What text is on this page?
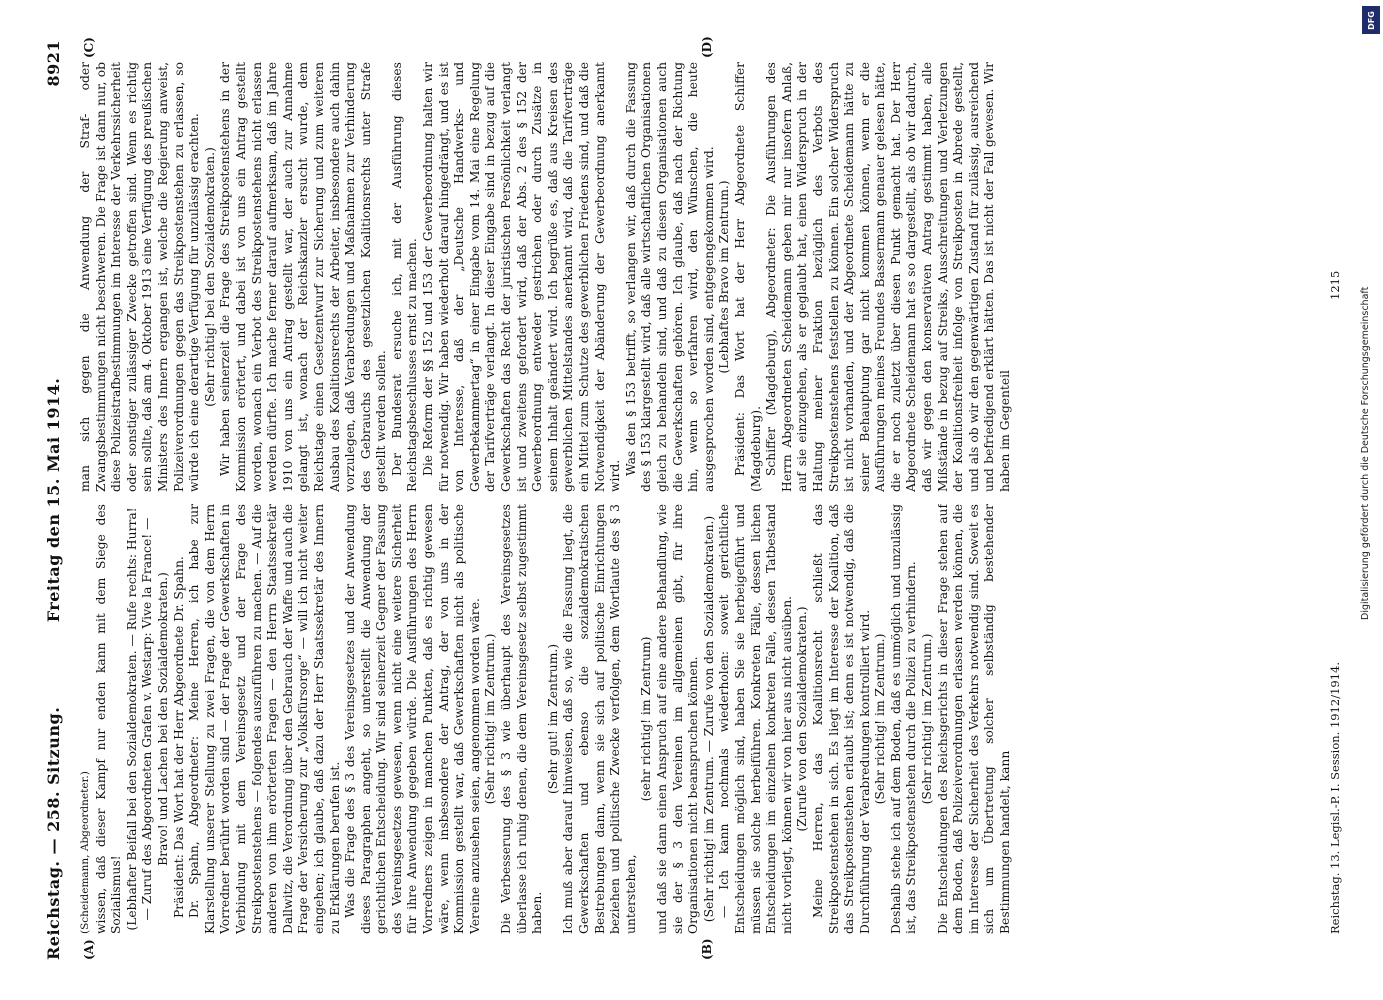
Reichstag. — 258. Sitzung.
Freitag den 15. Mai 1914.
8921
(A)	(B)
(C)	(D)

(Scheidemann, Abgeordneter.) wissen, daß dieser Kampf nur enden kann mit dem Siege des Sozialismus! (Lebhafter Beifall bei den Sozialdemokraten. — Rufe rechts: Hurra! — Zuruf des Abgeordneten Grafen v. Westarp: Vive la France! — Bravo! und Lachen bei den Sozialdemokraten.) Präsident: Das Wort hat der Herr Abgeordnete Dr. Spahn. Dr. Spahn, Abgeordneter: Meine Herren, ich habe zur Klarstellung unserer Stellung zu zwei Fragen, die von dem Herrn Vorredner berührt worden sind — der Frage der Gewerkschaften in Verbindung mit dem Vereinsgesetz und der Frage des Streikpostenstehens — folgendes auszuführen zu machen. — Auf die anderen von ihm erörterten Fragen — den Herrn Staatssekretär Dallwitz, die Verordnung über den Gebrauch der Waffe und auch die Frage der Versicherung zur „Volksfürsorge“ — will ich nicht weiter eingehen; ich glaube, daß dazu der Herr Staatssekretär des Innern zu Erklärungen berufen ist. Was die Frage des § 3 des Vereinsgesetzes und der Anwendung dieses Paragraphen angeht, so unterstellt die Anwendung der gerichtlichen Entscheidung. Wir sind seinerzeit Gegner der Fassung des Vereinsgesetzes gewesen, wenn nicht eine weitere Sicherheit für ihre Anwendung gegeben würde. Die Ausführungen des Herrn Vorredners zeigen in manchen Punkten, daß es richtig gewesen wäre, wenn insbesondere der Antrag, der von uns in der Kommission gestellt war, daß Gewerkschaften nicht als politische Vereine anzusehen seien, angenommen worden wäre. (Sehr richtig! im Zentrum.) Die Verbesserung des § 3 wie überhaupt des Vereinsgesetzes überlasse ich ruhig denen, die dem Vereinsgesetz selbst zugestimmt haben.

(Sehr gut! im Zentrum.) Ich muß aber darauf hinweisen, daß so, wie die Fassung liegt, die Gewerkschaften und ebenso die sozialdemokratischen Bestrebungen dann, wenn sie sich auf politische Einrichtungen beziehen und politische Zwecke verfolgen, dem Wortlaute des § 3 unterstehen,

(sehr richtig! im Zentrum) und daß sie dann einen Anspruch auf eine andere Behandlung, wie sie der § 3 den Vereinen im allgemeinen gibt, für ihre Organisationen nicht beanspruchen können. (Sehr richtig! im Zentrum. — Zurufe von den Sozialdemokraten.) — Ich kann nochmals wiederholen: soweit gerichtliche Entscheidungen möglich sind, haben Sie sie herbeigeführt und müssen sie solche herbeiführen. Konkreten Fälle, dessen lichen Entscheidungen im einzelnen konkreten Falle, dessen Tatbestand nicht vorliegt, können wir von hier aus nicht ausüben. (Zurufe von den Sozialdemokraten.) Meine Herren, das Koalitionsrecht schließt das Streikpostenstehen in sich. Es liegt im Interesse der Koalition, daß das Streikpostenstehen erlaubt ist; denn es ist notwendig, daß die Durchführung der Verabredungen kontrolliert wird. (Sehr richtig! im Zentrum.) Deshalb stehe ich auf dem Boden, daß es unmöglich und unzulässig ist, das Streikpostenstehen durch die Polizei zu verhindern. (Sehr richtig! im Zentrum.) Die Entscheidungen des Reichsgerichts in dieser Frage stehen auf dem Boden, daß Polizeiverordnungen erlassen werden können, die im Interesse der Sicherheit des Verkehrs notwendig sind. Soweit es sich um Übertretung solcher selbständig bestehender Bestimmungen handelt, kann

man sich gegen die Anwendung der Straf- oder Zwangsbestimmungen nicht beschweren. Die Frage ist dann nur, ob diese Polizeistrafbestimmungen im Interesse der Verkehrssicherheit oder sonstiger zulässiger Zwecke getroffen sind. Wenn es richtig sein sollte, daß am 4. Oktober 1913 eine Verfügung des preußischen Ministers des Innern ergangen ist, welche die Regierung anweist, Polizeiverordnungen gegen das Streikpostenstehen zu erlassen, so würde ich eine derartige Verfügung für unzulässig erachten. (Sehr richtig! bei den Sozialdemokraten.) Wir haben seinerzeit die Frage des Streikpostenstehens in der Kommission erörtert, und dabei ist von uns ein Antrag gestellt worden, wonach ein Verbot des Streikpostenstehens nicht erlassen werden dürfte. Ich mache ferner darauf aufmerksam, daß im Jahre 1910 von uns ein Antrag gestellt war, der auch zur Annahme gelangt ist, wonach der Reichskanzler ersucht wurde, dem Reichstage einen Gesetzentwurf zur Sicherung und zum weiteren Ausbau des Koalitionsrechts der Arbeiter, insbesondere auch dahin vorzulegen, daß Verabredungen und Maßnahmen zur Verhinderung des Gebrauchs des gesetzlichen Koalitionsrechts unter Strafe gestellt werden sollen. Der Bundesrat ersuche ich, mit der Ausführung dieses Reichstagsbeschlusses ernst zu machen. Die Reform der §§ 152 und 153 der Gewerbeordnung halten wir für notwendig. Wir haben wiederholt darauf hingedrängt, und es ist von Interesse, daß der „Deutsche Handwerks- und Gewerbekammertag“ in einer Eingabe vom 14. Mai eine Regelung der Tarifverträge verlangt. In dieser Eingabe sind in bezug auf die Gewerkschaften das Recht der juristischen Persönlichkeit verlangt ist und zweitens gefordert wird, daß der Abs. 2 des § 152 der Gewerbeordnung entweder gestrichen oder durch Zusätze in seinem Inhalt geändert wird. Ich begrüße es, daß aus Kreisen des gewerblichen Mittelstandes anerkannt wird, daß die Tarifverträge ein Mittel zum Schutze des gewerblichen Friedens sind, und daß die Notwendigkeit der Abänderung der Gewerbeordnung anerkannt wird. Was den § 153 betrifft, so verlangen wir, daß durch die Fassung des § 153 klargestellt wird, daß alle wirtschaftlichen Organisationen gleich zu behandeln sind, und daß zu diesen Organisationen auch die Gewerkschaften gehören. Ich glaube, daß nach der Richtung hin, wenn so verfahren wird, den Wünschen, die heute ausgesprochen worden sind, entgegengekommen wird. (Lebhaftes Bravo im Zentrum.) Präsident: Das Wort hat der Herr Abgeordnete Schiffer (Magdeburg). Schiffer (Magdeburg), Abgeordneter: Die Ausführungen des Herrn Abgeordneten Scheidemann geben mir nur insofern Anlaß, auf sie einzugehen, als er geglaubt hat, einen Widerspruch in der Haltung meiner Fraktion bezüglich des Verbots des Streikpostenstehens feststellen zu können. Ein solcher Widerspruch ist nicht vorhanden, und der Abgeordnete Scheidemann hätte zu seiner Behauptung gar nicht kommen können, wenn er die Ausführungen meines Freundes Bassermann genauer gelesen hätte, die er noch zuletzt über diesen Punkt gemacht hat. Der Herr Abgeordnete Scheidemann hat es so dargestellt, als ob wir dadurch, daß wir gegen den konservativen Antrag gestimmt haben, alle Mißstände in bezug auf Streiks, Ausschreitungen und Verletzungen der Koalitionsfreiheit infolge von Streikposten in Abrede gestellt, und als ob wir den gegenwärtigen Zustand für zulässig, ausreichend und befriedigend erklärt hätten. Das ist nicht der Fall gewesen. Wir haben im Gegenteil

Reichstag. 13. Legisl.-P. I. Session. 1912/1914.
1215
DFG
Digitalisierung gefördert durch die Deutsche Forschungsgemeinschaft
